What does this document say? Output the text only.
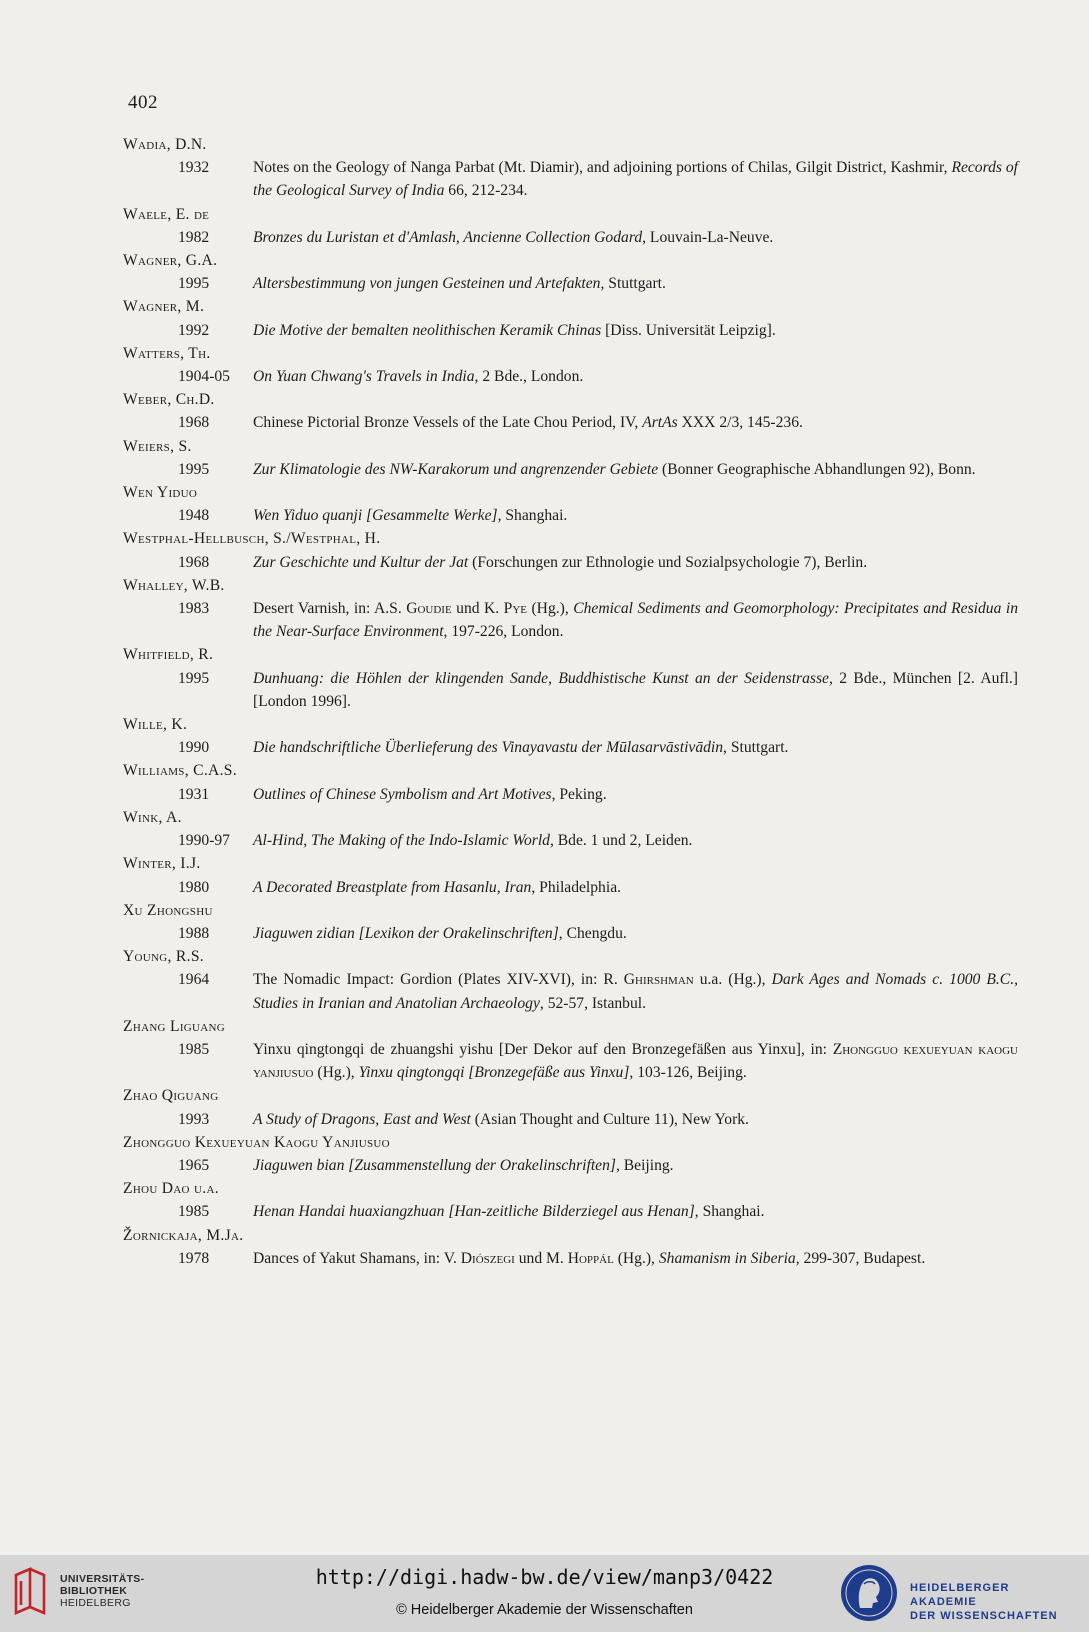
402
Wadia, D.N.
1932	Notes on the Geology of Nanga Parbat (Mt. Diamir), and adjoining portions of Chilas, Gilgit District, Kashmir, Records of the Geological Survey of India 66, 212-234.
Waele, E. de
1982	Bronzes du Luristan et d'Amlash, Ancienne Collection Godard, Louvain-La-Neuve.
Wagner, G.A.
1995	Altersbestimmung von jungen Gesteinen und Artefakten, Stuttgart.
Wagner, M.
1992	Die Motive der bemalten neolithischen Keramik Chinas [Diss. Universität Leipzig].
Watters, Th.
1904-05	On Yuan Chwang's Travels in India, 2 Bde., London.
Weber, Ch.D.
1968	Chinese Pictorial Bronze Vessels of the Late Chou Period, IV, ArtAs XXX 2/3, 145-236.
Weiers, S.
1995	Zur Klimatologie des NW-Karakorum und angrenzender Gebiete (Bonner Geographische Abhandlungen 92), Bonn.
Wen Yiduo
1948	Wen Yiduo quanji [Gesammelte Werke], Shanghai.
Westphal-Hellbusch, S./Westphal, H.
1968	Zur Geschichte und Kultur der Jat (Forschungen zur Ethnologie und Sozialpsychologie 7), Berlin.
Whalley, W.B.
1983	Desert Varnish, in: A.S. Goudie und K. Pye (Hg.), Chemical Sediments and Geomorphology: Precipitates and Residua in the Near-Surface Environment, 197-226, London.
Whitfield, R.
1995	Dunhuang: die Höhlen der klingenden Sande, Buddhistische Kunst an der Seidenstrasse, 2 Bde., München [2. Aufl.] [London 1996].
Wille, K.
1990	Die handschriftliche Überlieferung des Vinayavastu der Mūlasarvāstivādin, Stuttgart.
Williams, C.A.S.
1931	Outlines of Chinese Symbolism and Art Motives, Peking.
Wink, A.
1990-97	Al-Hind, The Making of the Indo-Islamic World, Bde. 1 und 2, Leiden.
Winter, I.J.
1980	A Decorated Breastplate from Hasanlu, Iran, Philadelphia.
Xu Zhongshu
1988	Jiaguwen zidian [Lexikon der Orakelinschriften], Chengdu.
Young, R.S.
1964	The Nomadic Impact: Gordion (Plates XIV-XVI), in: R. Ghirshman u.a. (Hg.), Dark Ages and Nomads c. 1000 B.C., Studies in Iranian and Anatolian Archaeology, 52-57, Istanbul.
Zhang Liguang
1985	Yinxu qingtongqi de zhuangshi yishu [Der Dekor auf den Bronzegefäßen aus Yinxu], in: Zhongguo kexueyuan kaogu yanjiusuo (Hg.), Yinxu qingtongqi [Bronzegefäße aus Yinxu], 103-126, Beijing.
Zhao Qiguang
1993	A Study of Dragons, East and West (Asian Thought and Culture 11), New York.
Zhongguo Kexueyuan Kaogu Yanjiusuo
1965	Jiaguwen bian [Zusammenstellung der Orakelinschriften], Beijing.
Zhou Dao u.a.
1985	Henan Handai huaxiangzhuan [Han-zeitliche Bilderziegel aus Henan], Shanghai.
Žornickaja, M.Ja.
1978	Dances of Yakut Shamans, in: V. Diószegi und M. Hoppál (Hg.), Shamanism in Siberia, 299-307, Budapest.
UNIVERSITÄTS-
BIBLIOTHEK
HEIDELBERG
http://digi.hadw-bw.de/view/manp3/0422
© Heidelberger Akademie der Wissenschaften
HEIDELBERGER AKADEMIE
DER WISSENSCHAFTEN
